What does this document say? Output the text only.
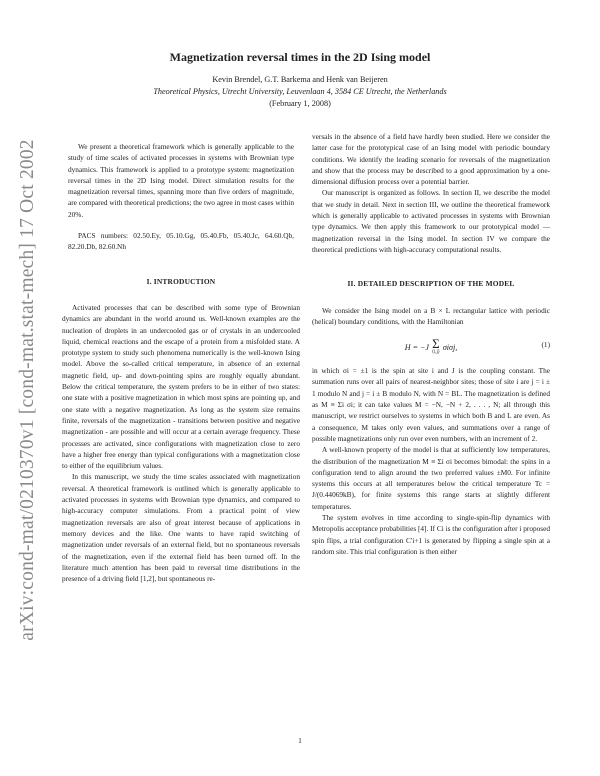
arXiv:cond-mat/0210370v1 [cond-mat.stat-mech] 17 Oct 2002
Magnetization reversal times in the 2D Ising model
Kevin Brendel, G.T. Barkema and Henk van Beijeren
Theoretical Physics, Utrecht University, Leuvenlaan 4, 3584 CE Utrecht, the Netherlands
(February 1, 2008)

We present a theoretical framework which is generally applicable to the study of time scales of activated processes in systems with Brownian type dynamics. This framework is applied to a prototype system: magnetization reversal times in the 2D Ising model. Direct simulation results for the magnetization reversal times, spanning more than five orders of magnitude, are compared with theoretical predictions; the two agree in most cases within 20%.

PACS numbers: 02.50.Ey, 05.10.Gg, 05.40.Fb, 05.40.Jc, 64.60.Qb, 82.20.Db, 82.60.Nh

I. INTRODUCTION

Activated processes that can be described with some type of Brownian dynamics are abundant in the world around us. Well-known examples are the nucleation of droplets in an undercooled gas or of crystals in an undercooled liquid, chemical reactions and the escape of a protein from a misfolded state. A prototype system to study such phenomena numerically is the well-known Ising model. Above the so-called critical temperature, in absence of an external magnetic field, up- and down-pointing spins are roughly equally abundant. Below the critical temperature, the system prefers to be in either of two states: one state with a positive magnetization in which most spins are pointing up, and one state with a negative magnetization. As long as the system size remains finite, reversals of the magnetization - transitions between positive and negative magnetization - are possible and will occur at a certain average frequency. These processes are activated, since configurations with magnetization close to zero have a higher free energy than typical configurations with a magnetization close to either of the equilibrium values.

In this manuscript, we study the time scales associated with magnetization reversal. A theoretical framework is outlined which is generally applicable to activated processes in systems with Brownian type dynamics, and compared to high-accuracy computer simulations. From a practical point of view magnetization reversals are also of great interest because of applications in memory devices and the like. One wants to have rapid switching of magnetization under reversals of an external field, but no spontaneous reversals of the magnetization, even if the external field has been turned off. In the literature much attention has been paid to reversal time distributions in the presence of a driving field [1,2], but spontaneous re-

versals in the absence of a field have hardly been studied. Here we consider the latter case for the prototypical case of an Ising model with periodic boundary conditions. We identify the leading scenario for reversals of the magnetization and show that the process may be described to a good approximation by a one-dimensional diffusion process over a potential barrier.

Our manuscript is organized as follows. In section II, we describe the model that we study in detail. Next in section III, we outline the theoretical framework which is generally applicable to activated processes in systems with Brownian type dynamics. We then apply this framework to our prototypical model —magnetization reversal in the Ising model. In section IV we compare the theoretical predictions with high-accuracy computational results.

II. DETAILED DESCRIPTION OF THE MODEL

We consider the Ising model on a B × L rectangular lattice with periodic (helical) boundary conditions, with the Hamiltonian

H = −J Σ
⟨i,j⟩
σiσj,	(1)

in which σi = ±1 is the spin at site i and J is the coupling constant. The summation runs over all pairs of nearest-neighbor sites; those of site i are j = i ± 1 modulo N and j = i ± B modulo N, with N = BL. The magnetization is defined as M ≡ Σi σi; it can take values M = −N, −N + 2, . . . , N; all through this manuscript, we restrict ourselves to systems in which both B and L are even. As a consequence, M takes only even values, and summations over a range of possible magnetizations only run over even numbers, with an increment of 2.

A well-known property of the model is that at sufficiently low temperatures, the distribution of the magnetization M ≡ Σi σi becomes bimodal: the spins in a configuration tend to align around the two preferred values ±M0. For infinite systems this occurs at all temperatures below the critical temperature Tc = J/(0.44069kB), for finite systems this range starts at slightly different temperatures.

The system evolves in time according to single-spin-flip dynamics with Metropolis acceptance probabilities [4]. If Ci is the configuration after i proposed spin flips, a trial configuration C′i+1 is generated by flipping a single spin at a random site. This trial configuration is then either

1
